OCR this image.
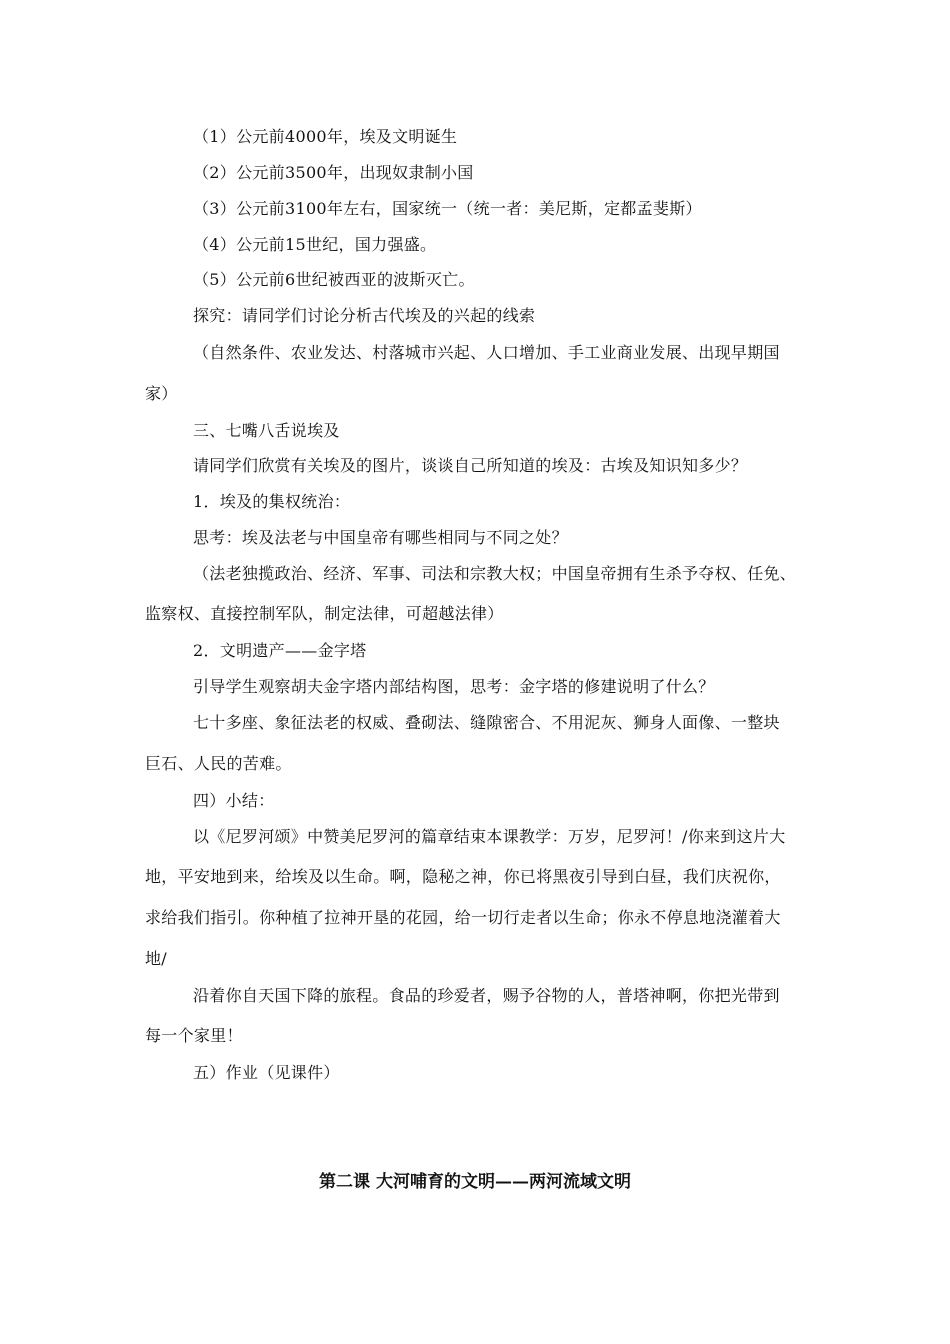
（1）公元前4000年，埃及文明诞生
（2）公元前3500年，出现奴隶制小国
（3）公元前3100年左右，国家统一（统一者：美尼斯，定都孟斐斯）
（4）公元前15世纪，国力强盛。
（5）公元前6世纪被西亚的波斯灭亡。
探究：请同学们讨论分析古代埃及的兴起的线索
（自然条件、农业发达、村落城市兴起、人口增加、手工业商业发展、出现早期国
家）
三、七嘴八舌说埃及
请同学们欣赏有关埃及的图片，谈谈自己所知道的埃及：古埃及知识知多少？
1．埃及的集权统治：
思考：埃及法老与中国皇帝有哪些相同与不同之处？
（法老独揽政治、经济、军事、司法和宗教大权；中国皇帝拥有生杀予夺权、任免、
监察权、直接控制军队，制定法律，可超越法律）
2．文明遗产——金字塔
引导学生观察胡夫金字塔内部结构图，思考：金字塔的修建说明了什么？
七十多座、象征法老的权威、叠砌法、缝隙密合、不用泥灰、狮身人面像、一整块
巨石、人民的苦难。
四）小结：
以《尼罗河颂》中赞美尼罗河的篇章结束本课教学：万岁，尼罗河！/你来到这片大
地，平安地到来，给埃及以生命。啊，隐秘之神，你已将黑夜引导到白昼，我们庆祝你，
求给我们指引。你种植了拉神开垦的花园，给一切行走者以生命；你永不停息地浇灌着大
地/
沿着你自天国下降的旅程。食品的珍爱者，赐予谷物的人，普塔神啊，你把光带到
每一个家里！
五）作业（见课件）
第二课 大河哺育的文明——两河流域文明
